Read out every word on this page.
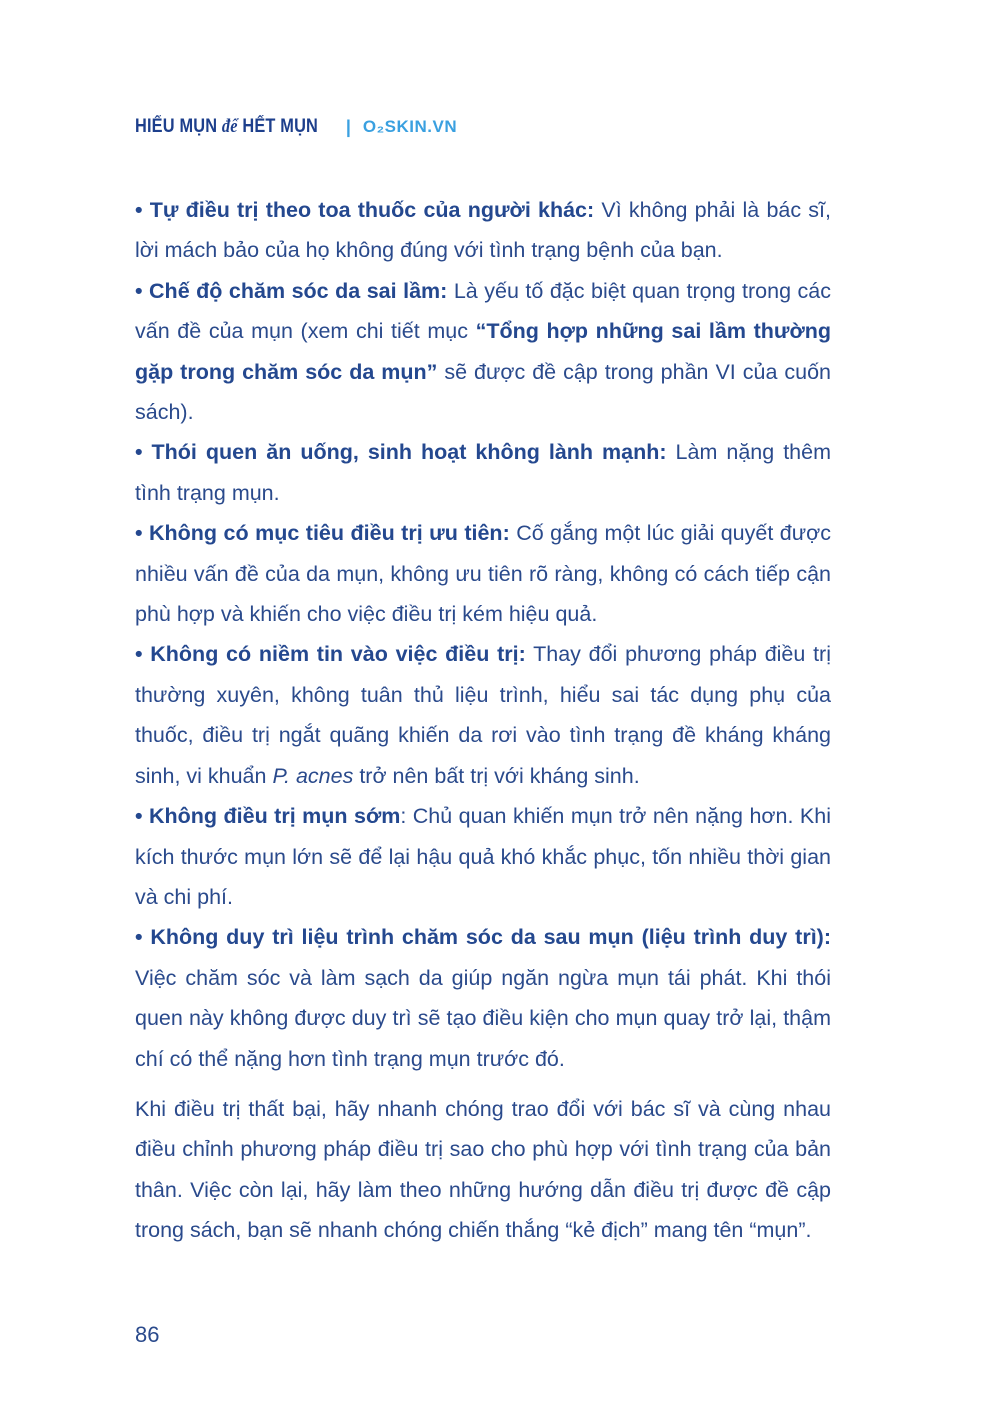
HIỂU MỤN để HẾT MỤN | O₂SKIN.VN

• Tự điều trị theo toa thuốc của người khác: Vì không phải là bác sĩ, lời mách bảo của họ không đúng với tình trạng bệnh của bạn.

• Chế độ chăm sóc da sai lầm: Là yếu tố đặc biệt quan trọng trong các vấn đề của mụn (xem chi tiết mục “Tổng hợp những sai lầm thường gặp trong chăm sóc da mụn” sẽ được đề cập trong phần VI của cuốn sách).

• Thói quen ăn uống, sinh hoạt không lành mạnh: Làm nặng thêm tình trạng mụn.

• Không có mục tiêu điều trị ưu tiên: Cố gắng một lúc giải quyết được nhiều vấn đề của da mụn, không ưu tiên rõ ràng, không có cách tiếp cận phù hợp và khiến cho việc điều trị kém hiệu quả.

• Không có niềm tin vào việc điều trị: Thay đổi phương pháp điều trị thường xuyên, không tuân thủ liệu trình, hiểu sai tác dụng phụ của thuốc, điều trị ngắt quãng khiến da rơi vào tình trạng đề kháng kháng sinh, vi khuẩn P. acnes trở nên bất trị với kháng sinh.

• Không điều trị mụn sớm: Chủ quan khiến mụn trở nên nặng hơn. Khi kích thước mụn lớn sẽ để lại hậu quả khó khắc phục, tốn nhiều thời gian và chi phí.

• Không duy trì liệu trình chăm sóc da sau mụn (liệu trình duy trì): Việc chăm sóc và làm sạch da giúp ngăn ngừa mụn tái phát. Khi thói quen này không được duy trì sẽ tạo điều kiện cho mụn quay trở lại, thậm chí có thể nặng hơn tình trạng mụn trước đó.

Khi điều trị thất bại, hãy nhanh chóng trao đổi với bác sĩ và cùng nhau điều chỉnh phương pháp điều trị sao cho phù hợp với tình trạng của bản thân. Việc còn lại, hãy làm theo những hướng dẫn điều trị được đề cập trong sách, bạn sẽ nhanh chóng chiến thắng “kẻ địch” mang tên “mụn”.

86
